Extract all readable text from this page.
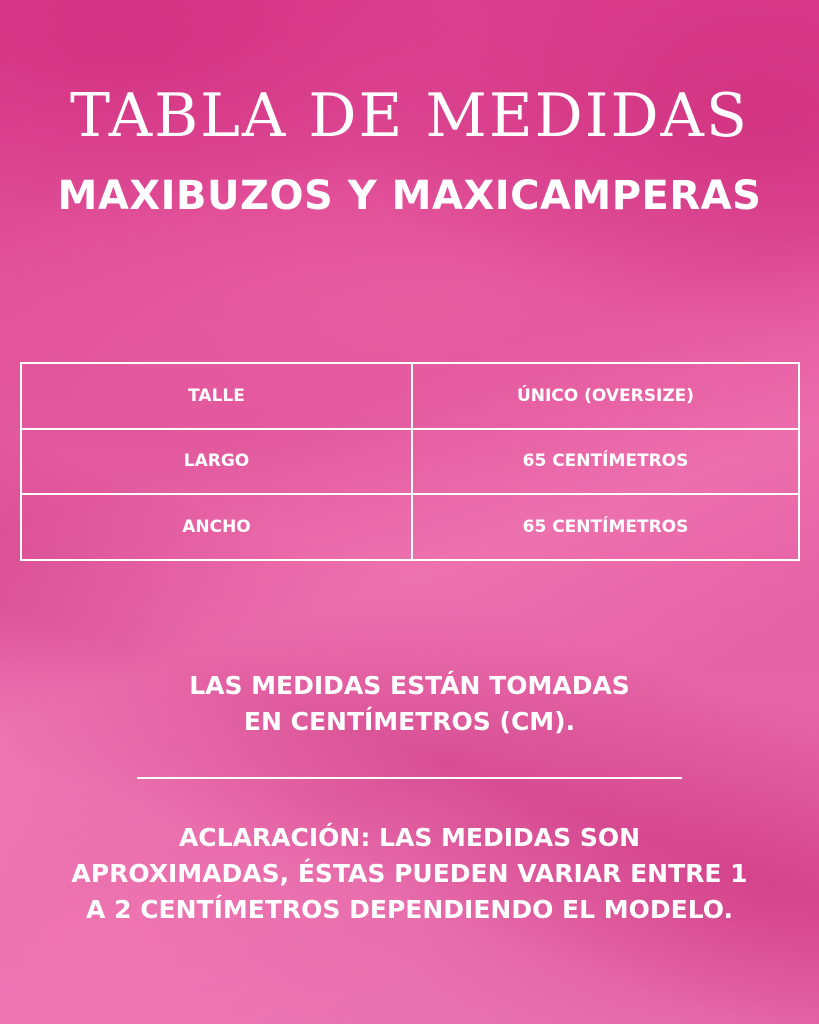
TABLA DE MEDIDAS
MAXIBUZOS Y MAXICAMPERAS
TALLE	ÚNICO (OVERSIZE)
LARGO	65 CENTÍMETROS
ANCHO	65 CENTÍMETROS

LAS MEDIDAS ESTÁN TOMADAS
EN CENTÍMETROS (CM).

ACLARACIÓN: LAS MEDIDAS SON
APROXIMADAS, ÉSTAS PUEDEN VARIAR ENTRE 1
A 2 CENTÍMETROS DEPENDIENDO EL MODELO.
